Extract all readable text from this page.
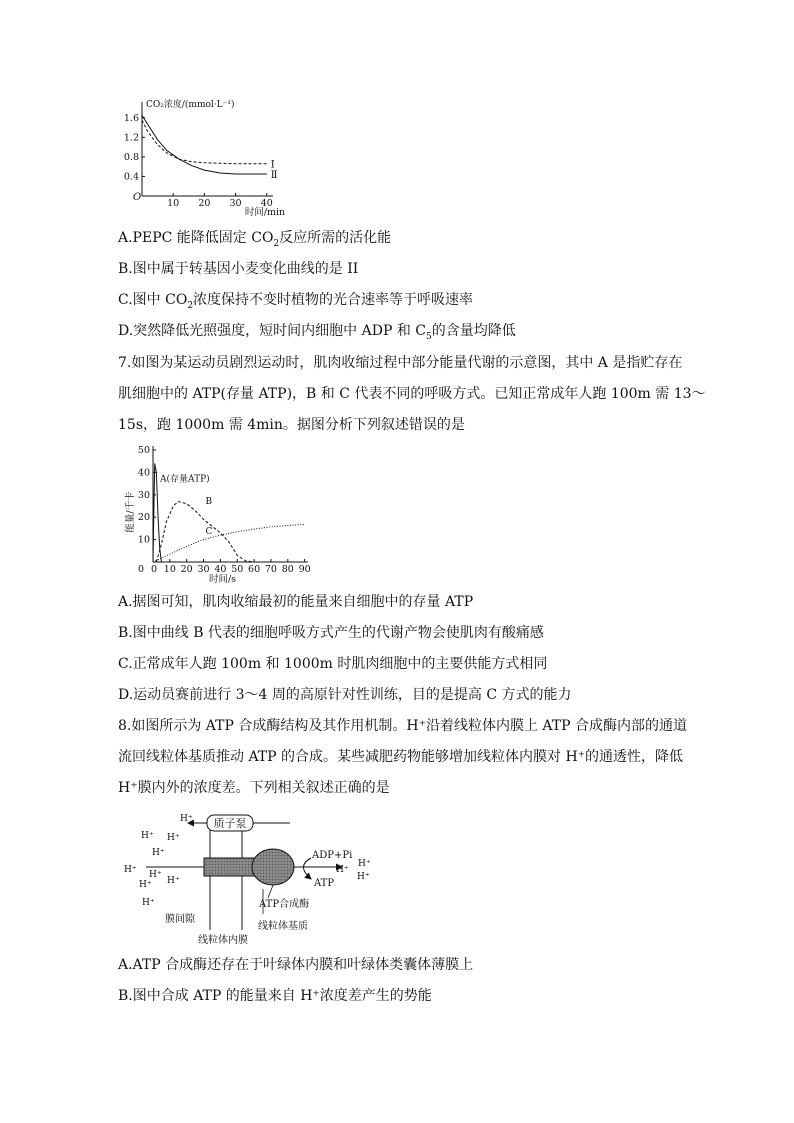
CO₂浓度/(mmol·L⁻¹)
时间/min
O
10 20 30 40
0.4
0.8
1.2
1.6
Ⅰ
Ⅱ
A.PEPC 能降低固定 $CO_2$反应所需的活化能
B.图中属于转基因小麦变化曲线的是 II
C.图中 $CO_2$浓度保持不变时植物的光合速率等于呼吸速率
D.突然降低光照强度，短时间内细胞中 ADP 和 $C_5$的含量均降低
7.如图为某运动员剧烈运动时，肌肉收缩过程中部分能量代谢的示意图，其中 A 是指贮存在
肌细胞中的 ATP(存量 ATP)，B 和 C 代表不同的呼吸方式。已知正常成年人跑 100m 需 13～
15s，跑 1000m 需 4min。据图分析下列叙述错误的是
0 0 10 20 30 40 50 60 70 80 90
10
20
30
40
50
时间/s
能量/千卡
A(存量ATP)
B
C
A.据图可知，肌肉收缩最初的能量来自细胞中的存量 ATP
B.图中曲线 B 代表的细胞呼吸方式产生的代谢产物会使肌肉有酸痛感
C.正常成年人跑 100m 和 1000m 时肌肉细胞中的主要供能方式相同
D.运动员赛前进行 3～4 周的高原针对性训练，目的是提高 C 方式的能力
8.如图所示为 ATP 合成酶结构及其作用机制。H⁺沿着线粒体内膜上 ATP 合成酶内部的通道
流回线粒体基质推动 ATP 的合成。某些减肥药物能够增加线粒体内膜对 H⁺的通透性，降低
H⁺膜内外的浓度差。下列相关叙述正确的是
质子泵
H⁺
ADP+Pi
ATP
H⁺ H⁺
H⁺
H⁺ H⁺
H⁺ H⁺
H⁺
H⁺
H⁺
H⁺
ATP合成酶
膜间隙
线粒体基质
线粒体内膜
A.ATP 合成酶还存在于叶绿体内膜和叶绿体类囊体薄膜上
B.图中合成 ATP 的能量来自 H⁺浓度差产生的势能
